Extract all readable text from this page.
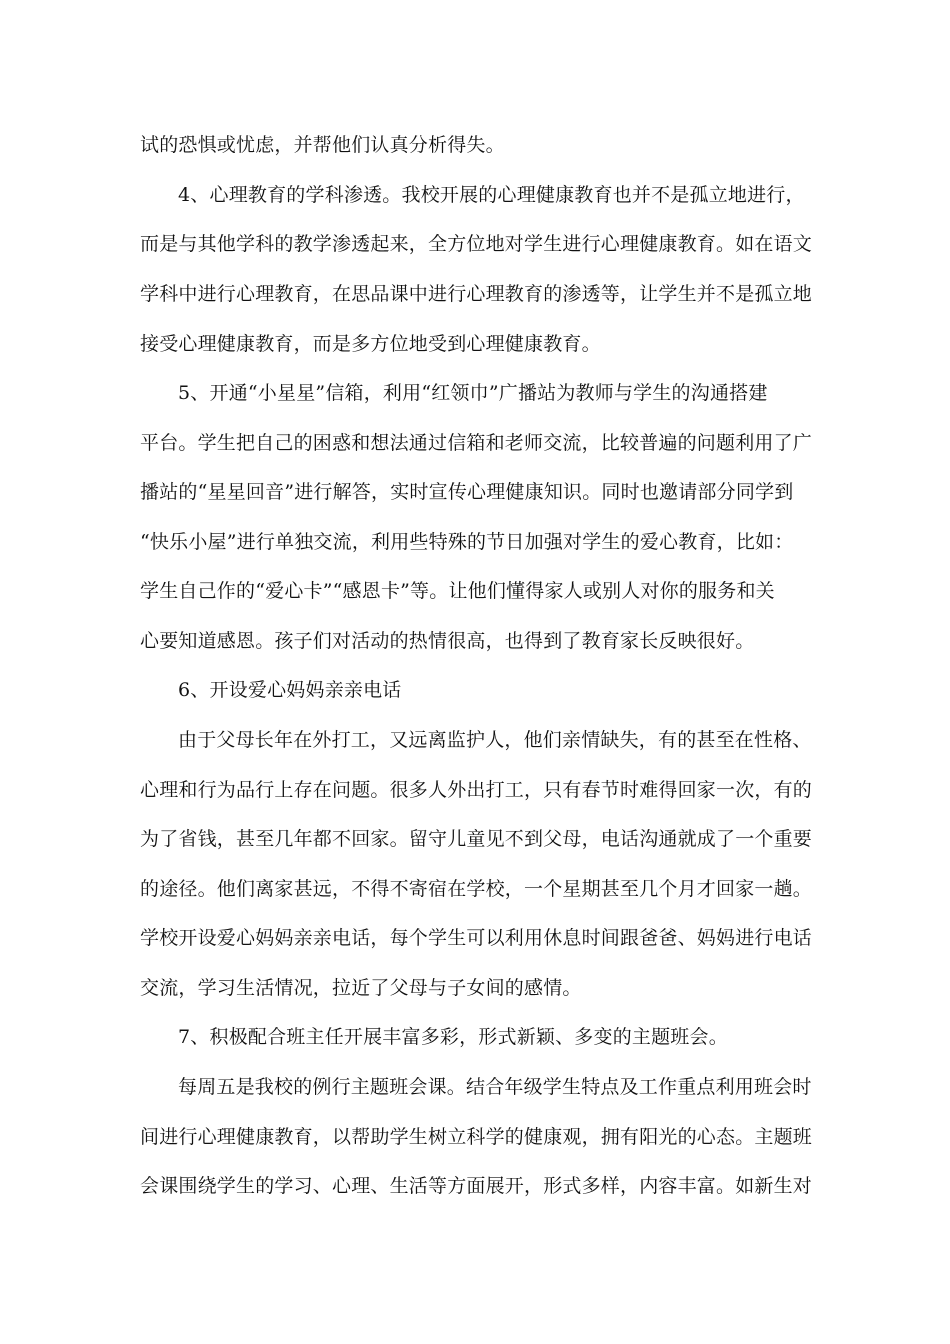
试的恐惧或忧虑，并帮他们认真分析得失。
4、心理教育的学科渗透。我校开展的心理健康教育也并不是孤立地进行，
而是与其他学科的教学渗透起来，全方位地对学生进行心理健康教育。如在语文
学科中进行心理教育，在思品课中进行心理教育的渗透等，让学生并不是孤立地
接受心理健康教育，而是多方位地受到心理健康教育。
5、开通“小星星”信箱，利用“红领巾”广播站为教师与学生的沟通搭建
平台。学生把自己的困惑和想法通过信箱和老师交流，比较普遍的问题利用了广
播站的“星星回音”进行解答，实时宣传心理健康知识。同时也邀请部分同学到
“快乐小屋”进行单独交流，利用些特殊的节日加强对学生的爱心教育，比如：
学生自己作的“爱心卡”“感恩卡”等。让他们懂得家人或别人对你的服务和关
心要知道感恩。孩子们对活动的热情很高，也得到了教育家长反映很好。
6、开设爱心妈妈亲亲电话
由于父母长年在外打工，又远离监护人，他们亲情缺失，有的甚至在性格、
心理和行为品行上存在问题。很多人外出打工，只有春节时难得回家一次，有的
为了省钱，甚至几年都不回家。留守儿童见不到父母，电话沟通就成了一个重要
的途径。他们离家甚远，不得不寄宿在学校，一个星期甚至几个月才回家一趟。
学校开设爱心妈妈亲亲电话，每个学生可以利用休息时间跟爸爸、妈妈进行电话
交流，学习生活情况，拉近了父母与子女间的感情。
7、积极配合班主任开展丰富多彩，形式新颖、多变的主题班会。
每周五是我校的例行主题班会课。结合年级学生特点及工作重点利用班会时
间进行心理健康教育，以帮助学生树立科学的健康观，拥有阳光的心态。主题班
会课围绕学生的学习、心理、生活等方面展开，形式多样，内容丰富。如新生对
